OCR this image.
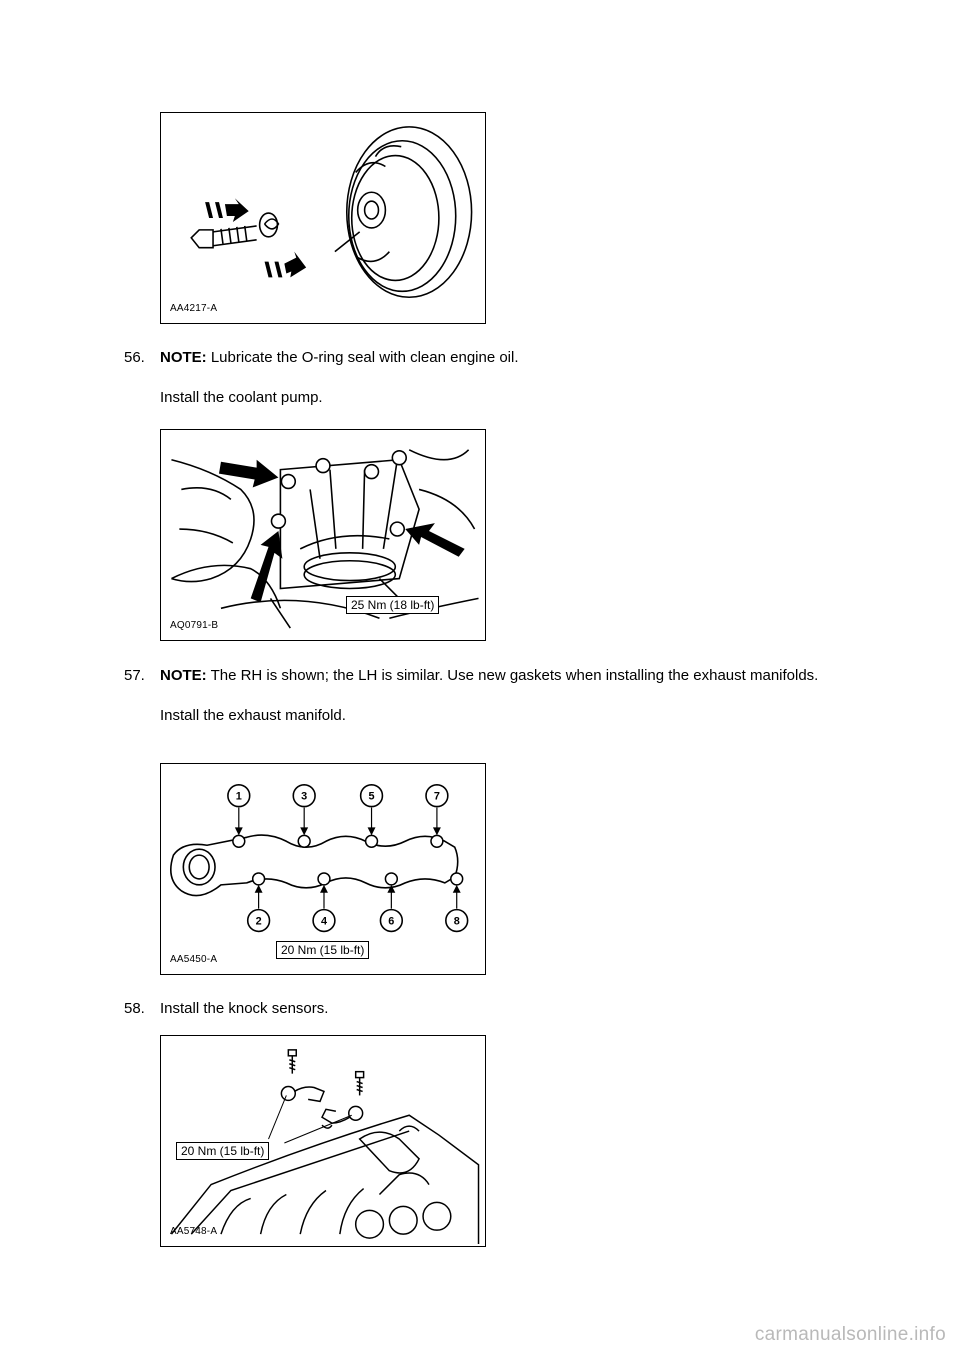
AA4217-A
56.	NOTE: Lubricate the O-ring seal with clean engine oil.

Install the coolant pump.

25 Nm (18 lb-ft)
AQ0791-B
57.	NOTE: The RH is shown; the LH is similar. Use new gaskets when installing the exhaust manifolds.

Install the exhaust manifold.

1	3	5	7
2	4	6	8
20 Nm (15 lb-ft)
AA5450-A
58.	Install the knock sensors.

20 Nm (15 lb-ft)
AA5748-A
carmanualsonline.info
